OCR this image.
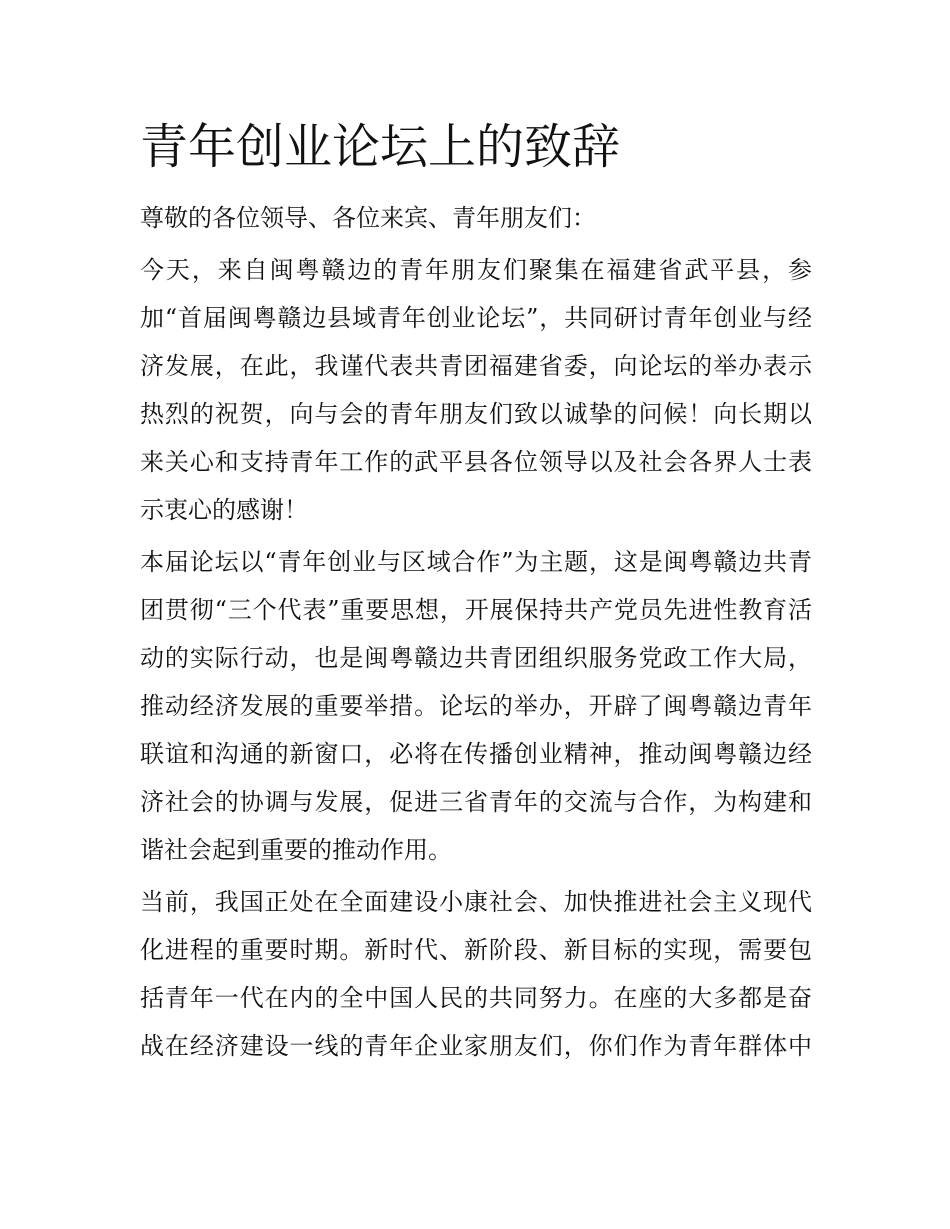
青年创业论坛上的致辞
尊敬的各位领导、各位来宾、青年朋友们：
今天，来自闽粤赣边的青年朋友们聚集在福建省武平县，参
加“首届闽粤赣边县域青年创业论坛”，共同研讨青年创业与经
济发展，在此，我谨代表共青团福建省委，向论坛的举办表示
热烈的祝贺，向与会的青年朋友们致以诚挚的问候！向长期以
来关心和支持青年工作的武平县各位领导以及社会各界人士表
示衷心的感谢！
本届论坛以“青年创业与区域合作”为主题，这是闽粤赣边共青
团贯彻“三个代表”重要思想，开展保持共产党员先进性教育活
动的实际行动，也是闽粤赣边共青团组织服务党政工作大局，
推动经济发展的重要举措。论坛的举办，开辟了闽粤赣边青年
联谊和沟通的新窗口，必将在传播创业精神，推动闽粤赣边经
济社会的协调与发展，促进三省青年的交流与合作，为构建和
谐社会起到重要的推动作用。
当前，我国正处在全面建设小康社会、加快推进社会主义现代
化进程的重要时期。新时代、新阶段、新目标的实现，需要包
括青年一代在内的全中国人民的共同努力。在座的大多都是奋
战在经济建设一线的青年企业家朋友们，你们作为青年群体中
